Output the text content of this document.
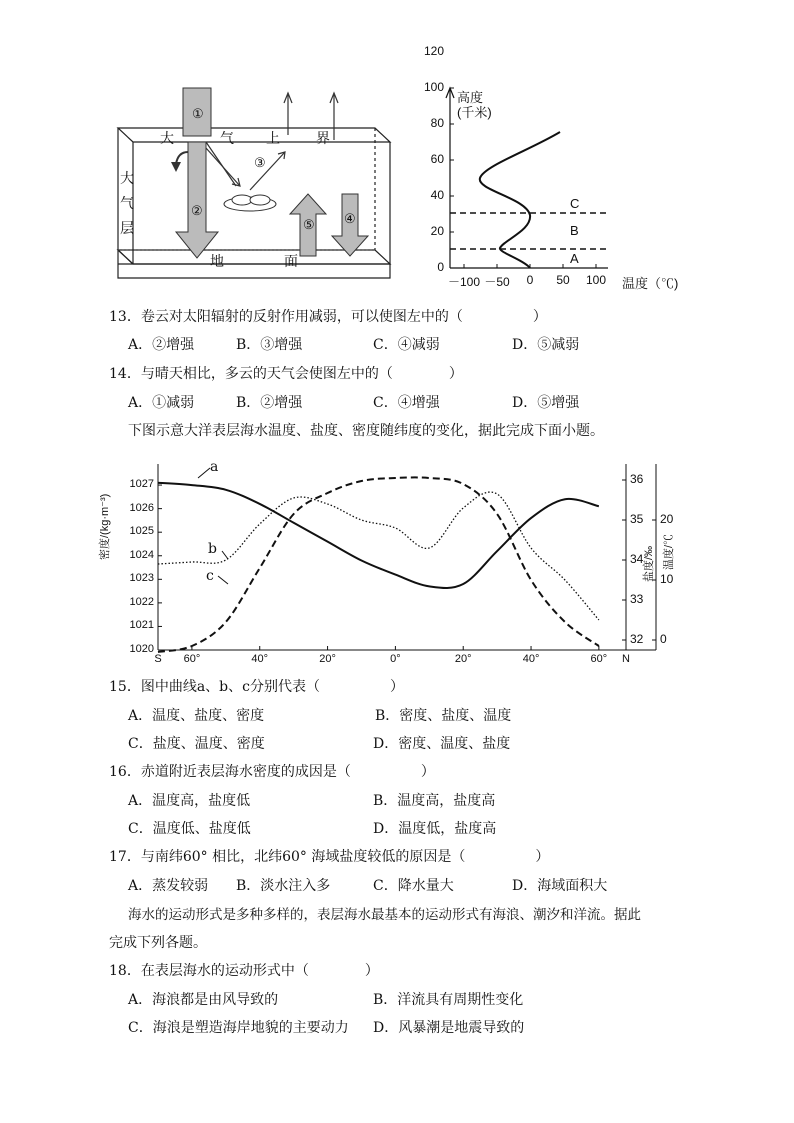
①
②
③
④
⑤
大	气 上	界
大
气
层
地	面
高度
(千米)
120
100
80
60
40
20
0
－100 －50 0 50 100 温度（℃)
C
B
A
13．卷云对太阳辐射的反射作用减弱，可以使图左中的（　　　　　）
A．②增强	B．③增强	C．④减弱	D．⑤减弱
14．与晴天相比，多云的天气会使图左中的（　　　　）
A．①减弱	B．②增强	C．④增强	D．⑤增强
下图示意大洋表层海水温度、盐度、密度随纬度的变化，据此完成下面小题。
1027
1026
1025
1024
1023
1022
1021
1020
36
35
34
33
32
20
10
0
S 60°	40°	20°	0°	20°	40°	60° N
密度/(kg·m⁻³)
盐度/‰ 温度/℃
a
b
c
15．图中曲线a、b、c分别代表（　　　　　）
A．温度、盐度、密度	B．密度、盐度、温度
C．盐度、温度、密度	D．密度、温度、盐度
16．赤道附近表层海水密度的成因是（　　　　　）
A．温度高，盐度低	B．温度高，盐度高
C．温度低、盐度低	D．温度低，盐度高
17．与南纬60° 相比，北纬60° 海域盐度较低的原因是（　　　　　）
A．蒸发较弱 B．淡水注入多	C．降水量大	D．海域面积大
海水的运动形式是多种多样的，表层海水最基本的运动形式有海浪、潮汐和洋流。据此
完成下列各题。
18．在表层海水的运动形式中（　　　　）
A．海浪都是由风导致的	B．洋流具有周期性变化
C．海浪是塑造海岸地貌的主要动力 D．风暴潮是地震导致的
